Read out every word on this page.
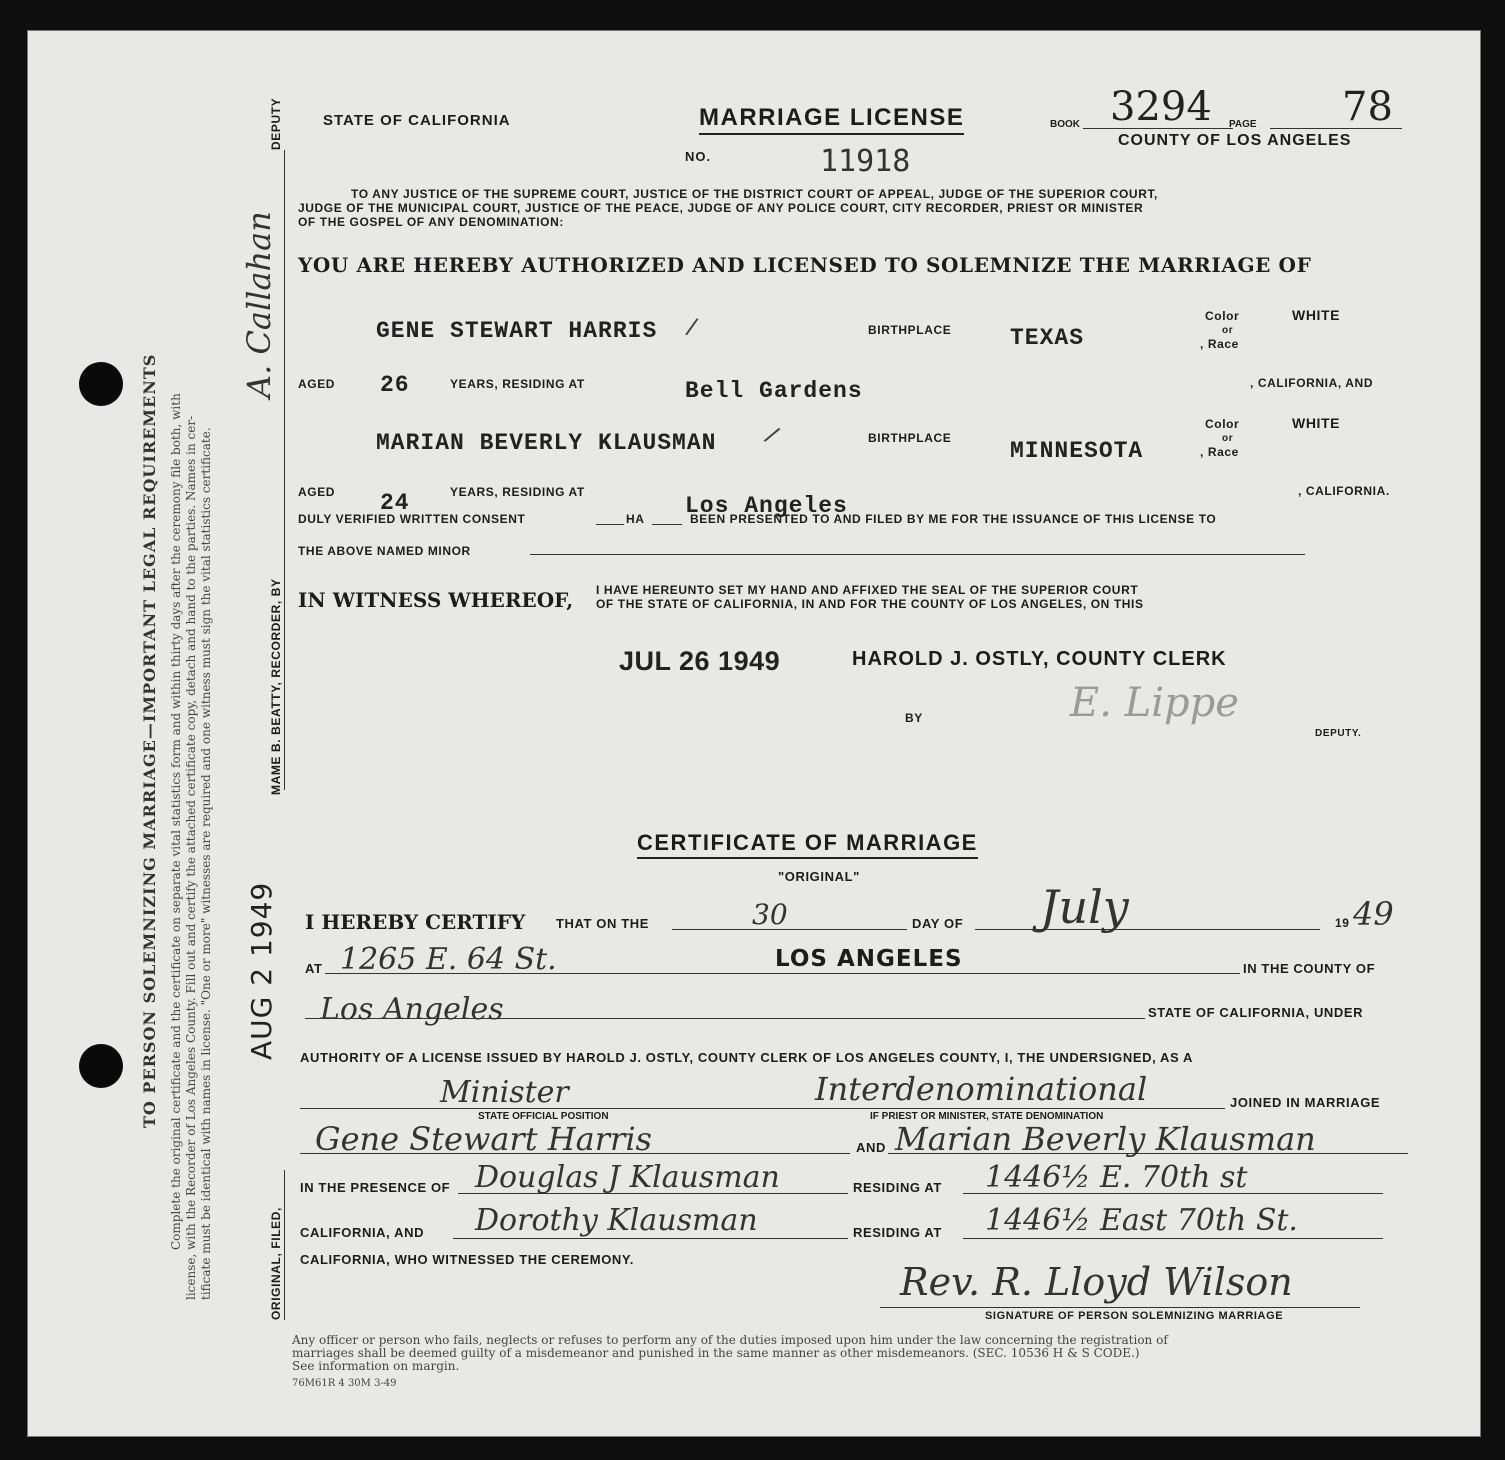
TO PERSON SOLEMNIZING MARRIAGE—IMPORTANT LEGAL REQUIREMENTS Complete the original certificate and the certificate on separate vital statistics form and within thirty days after the ceremony file both, with license, with the Recorder of Los Angeles County. Fill out and certify the attached certificate copy, detach and hand to the parties. Names in cer- tificate must be identical with names in license. "One or more" witnesses are required and one witness must sign the vital statistics certificate. AUG 2 1949
ORIGINAL, FILED,
MAME B. BEATTY, RECORDER, BY
A. Callahan
DEPUTY	STATE OF CALIFORNIA	MARRIAGE LICENSE
NO.	11918
BOOK 3294 PAGE 78
COUNTY OF LOS ANGELES
TO ANY JUSTICE OF THE SUPREME COURT, JUSTICE OF THE DISTRICT COURT OF APPEAL, JUDGE OF THE SUPERIOR COURT,
JUDGE OF THE MUNICIPAL COURT, JUSTICE OF THE PEACE, JUDGE OF ANY POLICE COURT, CITY RECORDER, PRIEST OR MINISTER
OF THE GOSPEL OF ANY DENOMINATION:
YOU ARE HEREBY AUTHORIZED AND LICENSED TO SOLEMNIZE THE MARRIAGE OF
GENE STEWART HARRIS /	BIRTHPLACE	TEXAS
Color
or
, Race
WHITE
AGED 26	YEARS, RESIDING AT	Bell Gardens	, CALIFORNIA, AND
MARIAN BEVERLY KLAUSMAN /	BIRTHPLACE	MINNESOTA
Color
or
, Race
WHITE
AGED 24	YEARS, RESIDING AT
Los Angeles
, CALIFORNIA.
DULY VERIFIED WRITTEN CONSENT	HA	BEEN PRESENTED TO AND FILED BY ME FOR THE ISSUANCE OF THIS LICENSE TO
THE ABOVE NAMED MINOR
IN WITNESS WHEREOF, I HAVE HEREUNTO SET MY HAND AND AFFIXED THE SEAL OF THE SUPERIOR COURT
OF THE STATE OF CALIFORNIA, IN AND FOR THE COUNTY OF LOS ANGELES, ON THIS
JUL 26 1949	HAROLD J. OSTLY, COUNTY CLERK
BY	E. Lippe
DEPUTY.
CERTIFICATE OF MARRIAGE
"ORIGINAL"
I HEREBY CERTIFY THAT ON THE	30	DAY OF July	19 49
AT 1265 E. 64 St.	LOS ANGELES	IN THE COUNTY OF
Los Angeles	STATE OF CALIFORNIA, UNDER
AUTHORITY OF A LICENSE ISSUED BY HAROLD J. OSTLY, COUNTY CLERK OF LOS ANGELES COUNTY, I, THE UNDERSIGNED, AS A
Minister
STATE OFFICIAL POSITION
Interdenominational
IF PRIEST OR MINISTER, STATE DENOMINATION
JOINED IN MARRIAGE
Gene Stewart Harris	AND Marian Beverly Klausman
IN THE PRESENCE OF Douglas J Klausman	RESIDING AT 1446½ E. 70th st
CALIFORNIA, AND Dorothy Klausman	RESIDING AT 1446½ East 70th St.
CALIFORNIA, WHO WITNESSED THE CEREMONY.
Rev. R. Lloyd Wilson
SIGNATURE OF PERSON SOLEMNIZING MARRIAGE
Any officer or person who fails, neglects or refuses to perform any of the duties imposed upon him under the law concerning the registration of
marriages shall be deemed guilty of a misdemeanor and punished in the same manner as other misdemeanors. (SEC. 10536 H & S CODE.)
See information on margin.
76M61R 4 30M 3-49
